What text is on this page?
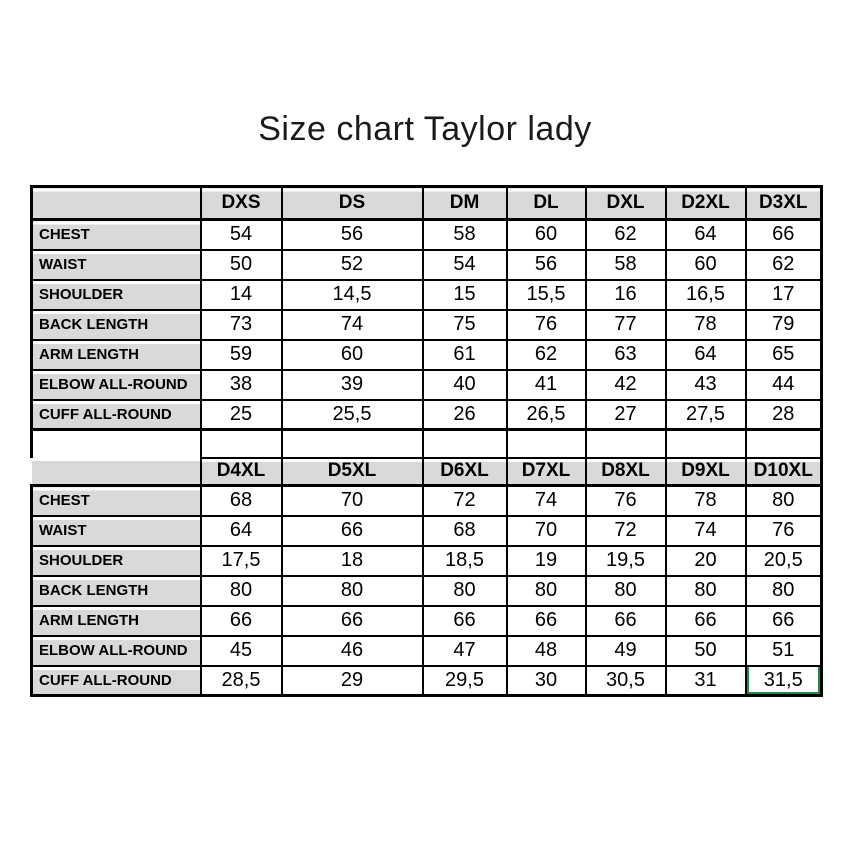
Size chart Taylor lady
	DXS	DS	DM	DL	DXL	D2XL	D3XL
CHEST	54	56	58	60	62	64	66
WAIST	50	52	54	56	58	60	62
SHOULDER	14	14,5	15	15,5	16	16,5	17
BACK LENGTH	73	74	75	76	77	78	79
ARM LENGTH	59	60	61	62	63	64	65
ELBOW ALL-ROUND	38	39	40	41	42	43	44
CUFF ALL-ROUND	25	25,5	26	26,5	27	27,5	28

	D4XL	D5XL	D6XL	D7XL	D8XL	D9XL	D10XL
CHEST	68	70	72	74	76	78	80
WAIST	64	66	68	70	72	74	76
SHOULDER	17,5	18	18,5	19	19,5	20	20,5
BACK LENGTH	80	80	80	80	80	80	80
ARM LENGTH	66	66	66	66	66	66	66
ELBOW ALL-ROUND	45	46	47	48	49	50	51
CUFF ALL-ROUND	28,5	29	29,5	30	30,5	31	31,5
